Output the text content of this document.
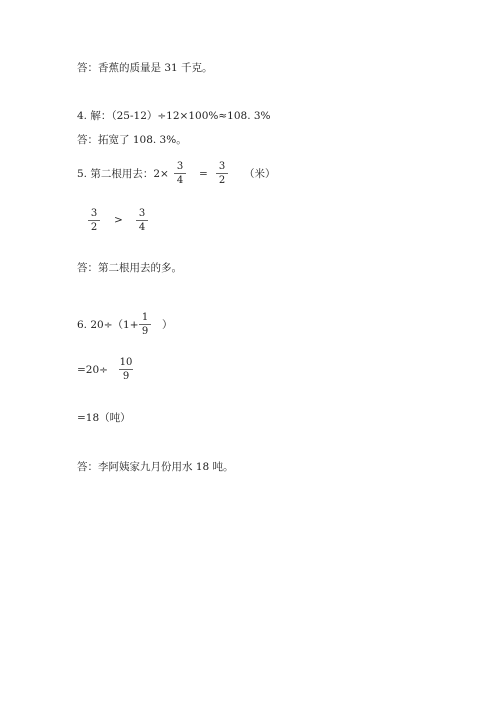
答：香蕉的质量是 31 千克。
4. 解：（25-12）÷12×100%≈108. 3%
答：拓宽了 108. 3%。
5. 第二根用去：2×
3
4
=
3
2
（米）
3
2
>
3
4
答：第二根用去的多。
6. 20÷（1+
1
9
）
=20÷
10
9
=18（吨）
答：李阿姨家九月份用水 18 吨。
